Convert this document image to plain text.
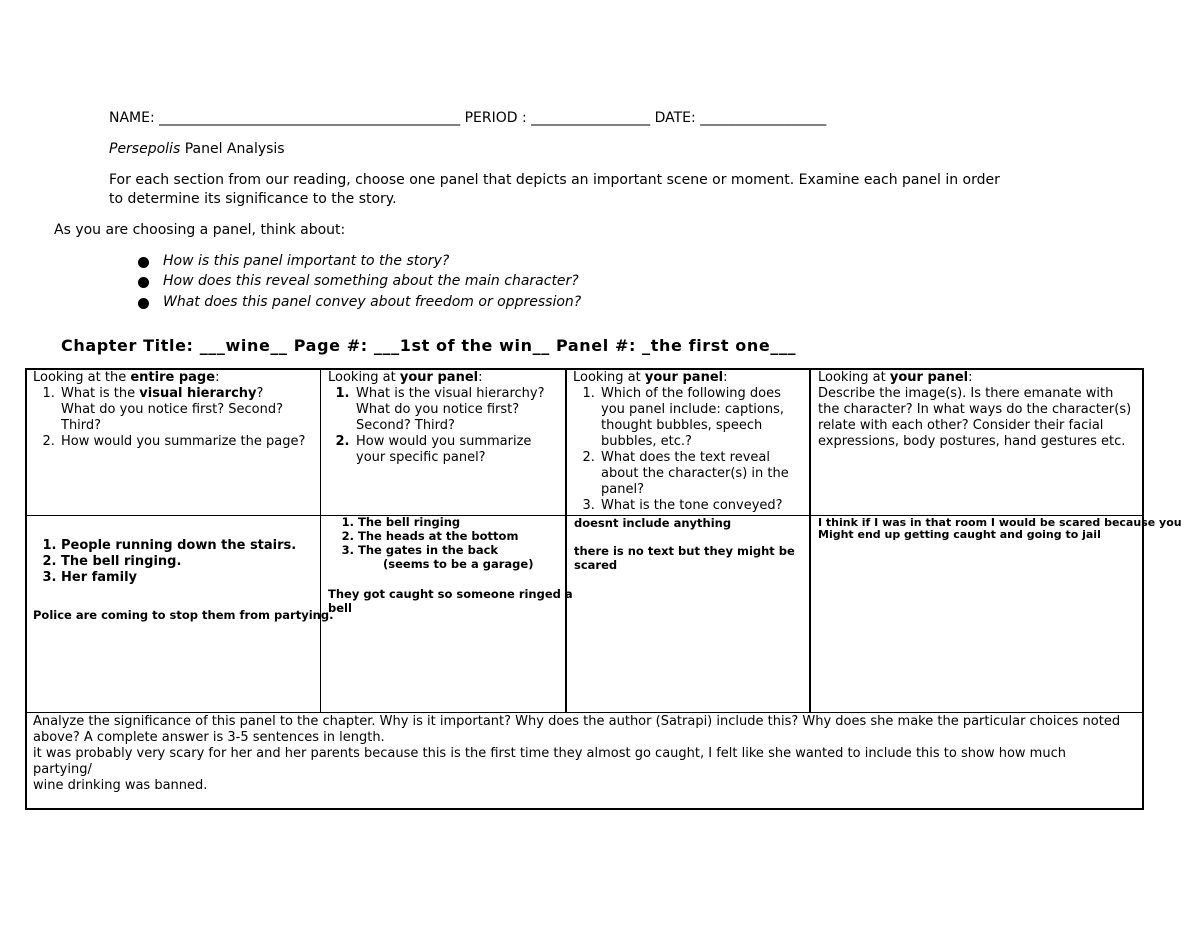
NAME: ___________________________________________ PERIOD : _________________ DATE: __________________
Persepolis Panel Analysis
For each section from our reading, choose one panel that depicts an important scene or moment. Examine each panel in order
to determine its significance to the story.
As you are choosing a panel, think about:
How is this panel important to the story?
How does this reveal something about the main character?
What does this panel convey about freedom or oppression?
Chapter Title: ___wine__ Page #: ___1st of the win__ Panel #: _the first one___
Looking at the entire page:
1. What is the visual hierarchy?
What do you notice first? Second? Third?
2. How would you summarize the page?
Looking at your panel:
1. What is the visual hierarchy? What do you notice first? Second? Third?
2. How would you summarize your specific panel?
Looking at your panel:
1. Which of the following does you panel include: captions, thought bubbles, speech bubbles, etc.?
2. What does the text reveal about the character(s) in the panel?
3. What is the tone conveyed?
Looking at your panel:
Describe the image(s). Is there emanate with the character? In what ways do the character(s) relate with each other? Consider their facial expressions, body postures, hand gestures etc.
1. People running down the stairs.
2. The bell ringing.
3. Her family
Police are coming to stop them from partying.
1. The bell ringing
2. The heads at the bottom
3. The gates in the back
(seems to be a garage)
They got caught so someone ringed a
bell
doesnt include anything
there is no text but they might be
scared
I think if I was in that room I would be scared because you
Might end up getting caught and going to jail
Analyze the significance of this panel to the chapter. Why is it important? Why does the author (Satrapi) include this? Why does she make the particular choices noted
above? A complete answer is 3-5 sentences in length.
it was probably very scary for her and her parents because this is the first time they almost go caught, I felt like she wanted to include this to show how much
partying/
wine drinking was banned.
